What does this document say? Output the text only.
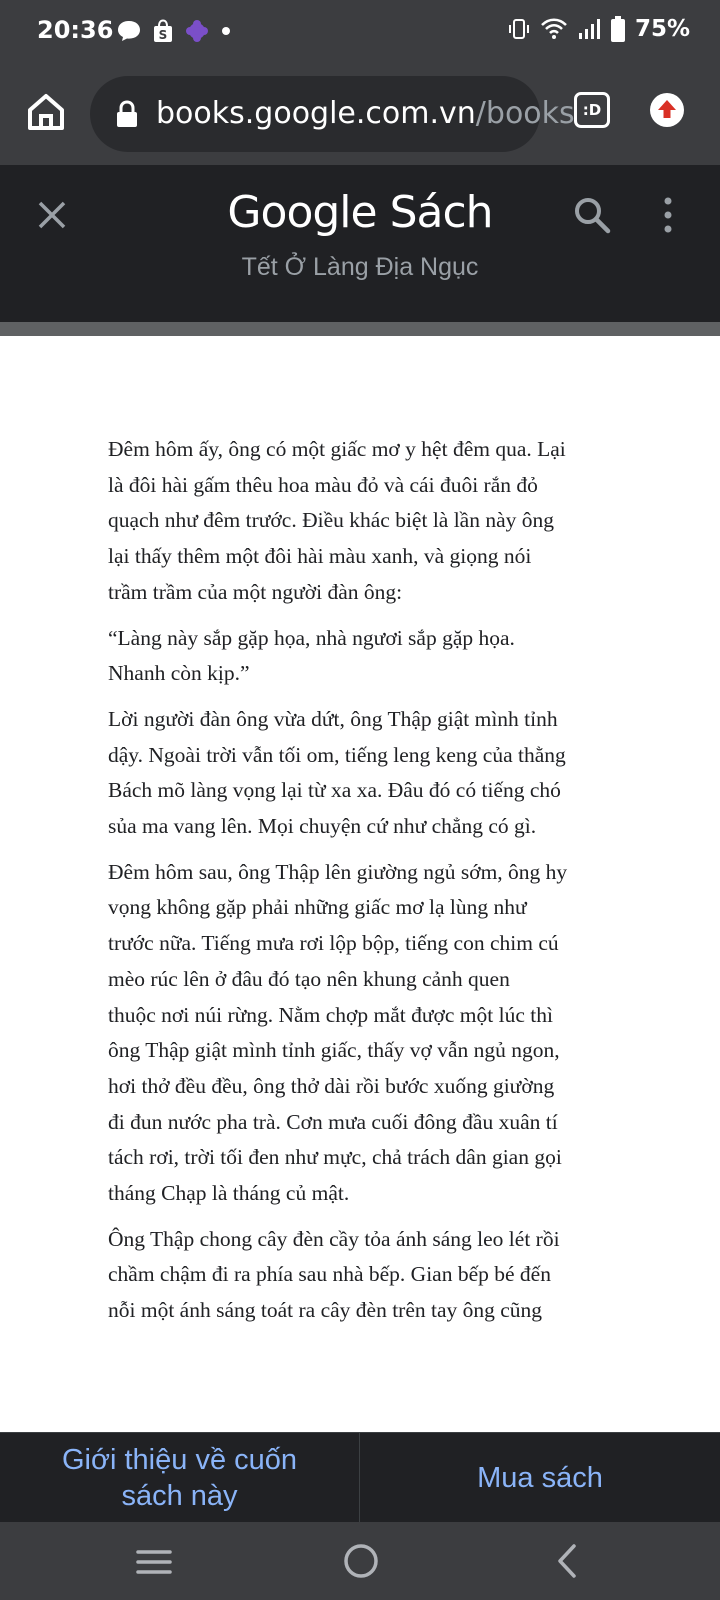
20:36	S	75%
books.google.com.vn/books :D
Google Sách
Tết Ở Làng Địa Ngục

Đêm hôm ấy, ông có một giấc mơ y hệt đêm qua. Lại
là đôi hài gấm thêu hoa màu đỏ và cái đuôi rắn đỏ
quạch như đêm trước. Điều khác biệt là lần này ông
lại thấy thêm một đôi hài màu xanh, và giọng nói
trầm trầm của một người đàn ông:

“Làng này sắp gặp họa, nhà ngươi sắp gặp họa.
Nhanh còn kịp.”

Lời người đàn ông vừa dứt, ông Thập giật mình tỉnh
dậy. Ngoài trời vẫn tối om, tiếng leng keng của thằng
Bách mõ làng vọng lại từ xa xa. Đâu đó có tiếng chó
sủa ma vang lên. Mọi chuyện cứ như chẳng có gì.

Đêm hôm sau, ông Thập lên giường ngủ sớm, ông hy
vọng không gặp phải những giấc mơ lạ lùng như
trước nữa. Tiếng mưa rơi lộp bộp, tiếng con chim cú
mèo rúc lên ở đâu đó tạo nên khung cảnh quen
thuộc nơi núi rừng. Nằm chợp mắt được một lúc thì
ông Thập giật mình tỉnh giấc, thấy vợ vẫn ngủ ngon,
hơi thở đều đều, ông thở dài rồi bước xuống giường
đi đun nước pha trà. Cơn mưa cuối đông đầu xuân tí
tách rơi, trời tối đen như mực, chả trách dân gian gọi
tháng Chạp là tháng củ mật.

Ông Thập chong cây đèn cầy tỏa ánh sáng leo lét rồi
chầm chậm đi ra phía sau nhà bếp. Gian bếp bé đến
nỗi một ánh sáng toát ra cây đèn trên tay ông cũng

Giới thiệu về cuốn
sách này
Mua sách
